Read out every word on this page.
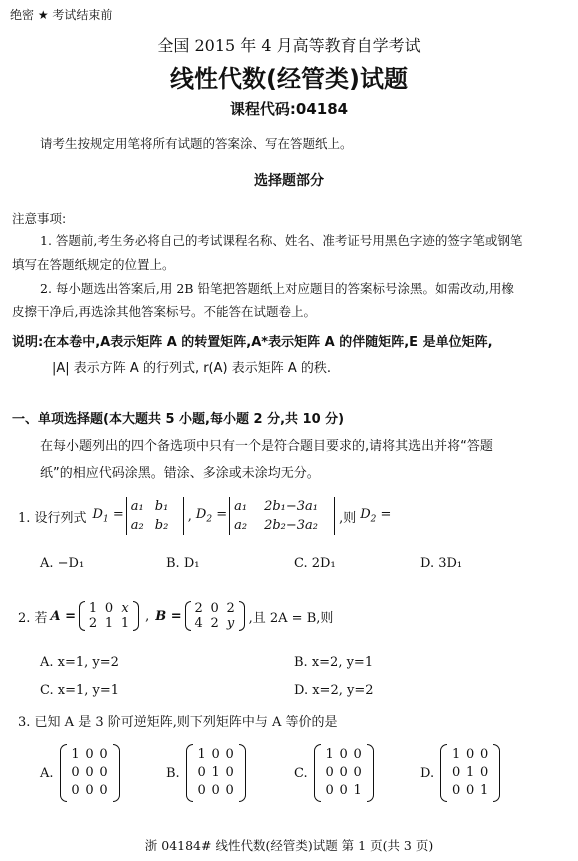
绝密 ★ 考试结束前
全国 2015 年 4 月高等教育自学考试
线性代数(经管类)试题
课程代码:04184
请考生按规定用笔将所有试题的答案涂、写在答题纸上。
选择题部分
注意事项:
1. 答题前,考生务必将自己的考试课程名称、姓名、准考证号用黑色字迹的签字笔或钢笔
填写在答题纸规定的位置上。
2. 每小题选出答案后,用 2B 铅笔把答题纸上对应题目的答案标号涂黑。如需改动,用橡
皮擦干净后,再选涂其他答案标号。不能答在试题卷上。
说明:在本卷中,A表示矩阵 A 的转置矩阵,A*表示矩阵 A 的伴随矩阵,E 是单位矩阵,
|A| 表示方阵 A 的行列式, r(A) 表示矩阵 A 的秩.
一、单项选择题(本大题共 5 小题,每小题 2 分,共 10 分)
在每小题列出的四个备选项中只有一个是符合题目要求的,请将其选出并将“答题
纸”的相应代码涂黑。错涂、多涂或未涂均无分。
1. 设行列式 $D_1$ =
a₁ b₁
a₂ b₂
, $D_2$ =
a₁	2b₁−3a₁
a₂	2b₂−3a₂	,则 $D_2$ =
A. −D₁	B. D₁	C. 2D₁	D. 3D₁
2. 若 A = 1 0 x
2 1 1 , B = 2 0 2
4 2 y	,且 2A = B,则
A. x=1, y=2	B. x=2, y=1
C. x=1, y=1	D. x=2, y=2
3. 已知 A 是 3 阶可逆矩阵,则下列矩阵中与 A 等价的是
A.
1 0 0
0 0 0
0 0 0
B.
1 0 0
0 1 0
0 0 0
C.
1 0 0
0 0 0
0 0 1
D.
1 0 0
0 1 0
0 0 1
浙 04184# 线性代数(经管类)试题 第 1 页(共 3 页)
